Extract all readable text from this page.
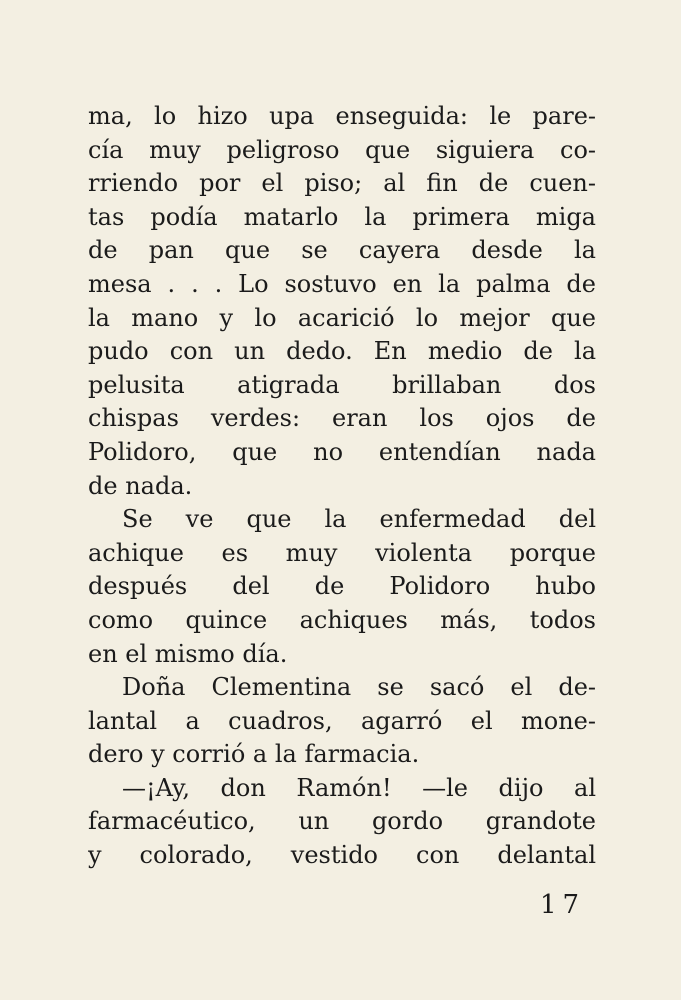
ma, lo hizo upa enseguida: le pare-
cía muy peligroso que siguiera co-
rriendo por el piso; al fin de cuen-
tas podía matarlo la primera miga
de pan que se cayera desde la
mesa . . . Lo sostuvo en la palma de
la mano y lo acarició lo mejor que
pudo con un dedo. En medio de la
pelusita atigrada brillaban dos
chispas verdes: eran los ojos de
Polidoro, que no entendían nada
de nada.

Se ve que la enfermedad del
achique es muy violenta porque
después del de Polidoro hubo
como quince achiques más, todos
en el mismo día.

Doña Clementina se sacó el de-
lantal a cuadros, agarró el mone-
dero y corrió a la farmacia.

—¡Ay, don Ramón! —le dijo al
farmacéutico, un gordo grandote
y colorado, vestido con delantal

17
